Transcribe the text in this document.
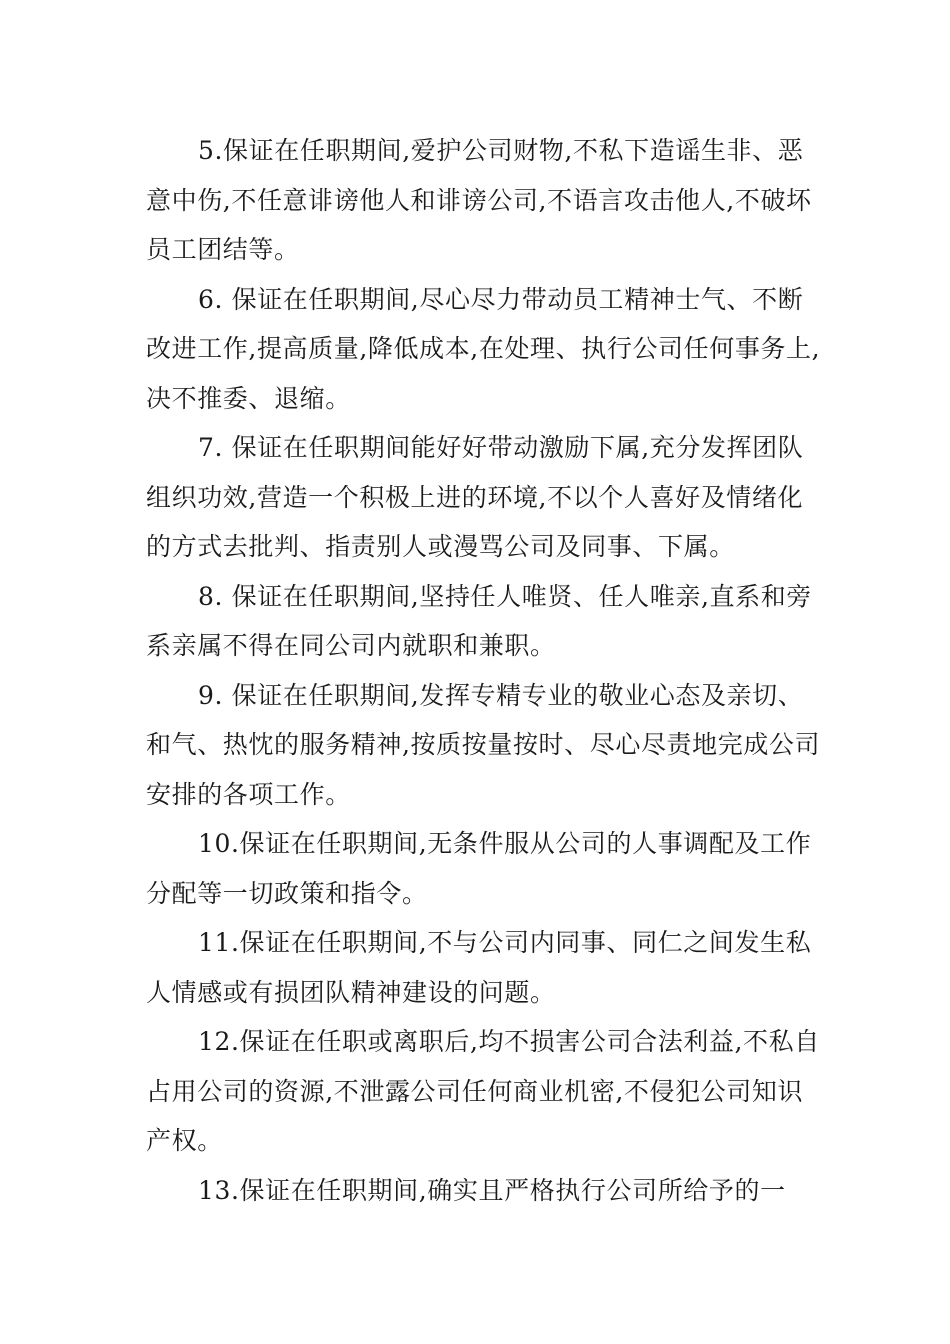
5.保证在任职期间,爱护公司财物,不私下造谣生非、恶意中伤,不任意诽谤他人和诽谤公司,不语言攻击他人,不破坏员工团结等。

6. 保证在任职期间,尽心尽力带动员工精神士气、不断改进工作,提高质量,降低成本,在处理、执行公司任何事务上,决不推委、退缩。

7. 保证在任职期间能好好带动激励下属,充分发挥团队组织功效,营造一个积极上进的环境,不以个人喜好及情绪化的方式去批判、指责别人或漫骂公司及同事、下属。

8. 保证在任职期间,坚持任人唯贤、任人唯亲,直系和旁系亲属不得在同公司内就职和兼职。

9. 保证在任职期间,发挥专精专业的敬业心态及亲切、和气、热忱的服务精神,按质按量按时、尽心尽责地完成公司安排的各项工作。

10.保证在任职期间,无条件服从公司的人事调配及工作分配等一切政策和指令。

11.保证在任职期间,不与公司内同事、同仁之间发生私人情感或有损团队精神建设的问题。

12.保证在任职或离职后,均不损害公司合法利益,不私自占用公司的资源,不泄露公司任何商业机密,不侵犯公司知识产权。

13.保证在任职期间,确实且严格执行公司所给予的一
